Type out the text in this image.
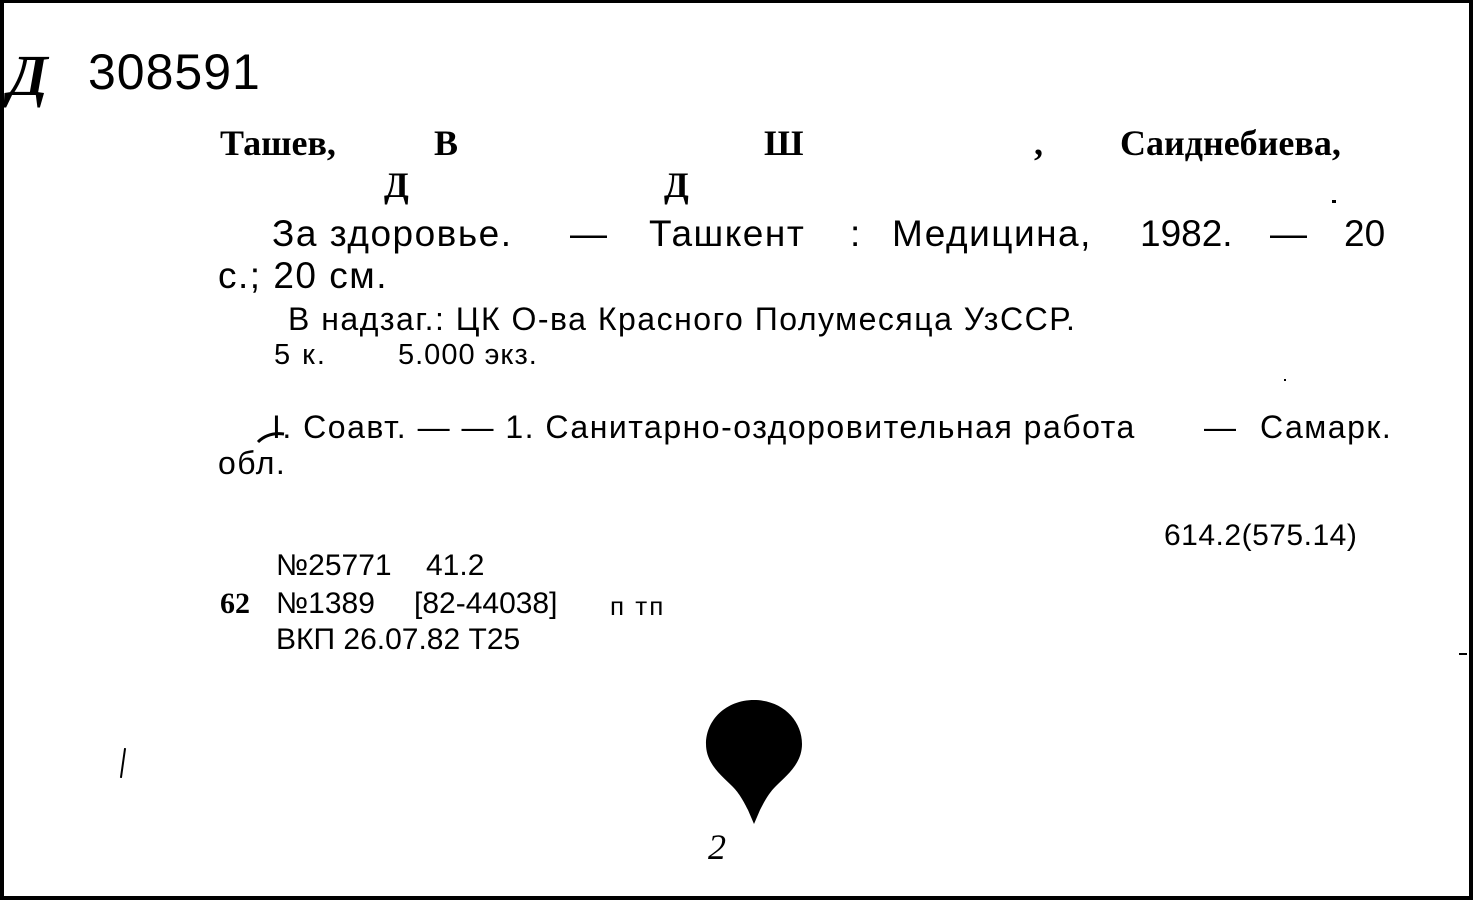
Д 308591
Ташев,	В	Ш	, Саиднебиева,
Д	Д
За здоровье. — Ташкент : Медицина, 1982. — 20
с.; 20 см.
В надзаг.: ЦК О-ва Красного Полумесяца УзССР.
5 к. 5.000 экз.
I. Соавт. — — 1. Санитарно-оздоровительная работа — Самарк.
обл.
614.2(575.14)
№25771 41.2
62 №1389 [82-44038] п тп
ВКП 26.07.82 Т25
2
